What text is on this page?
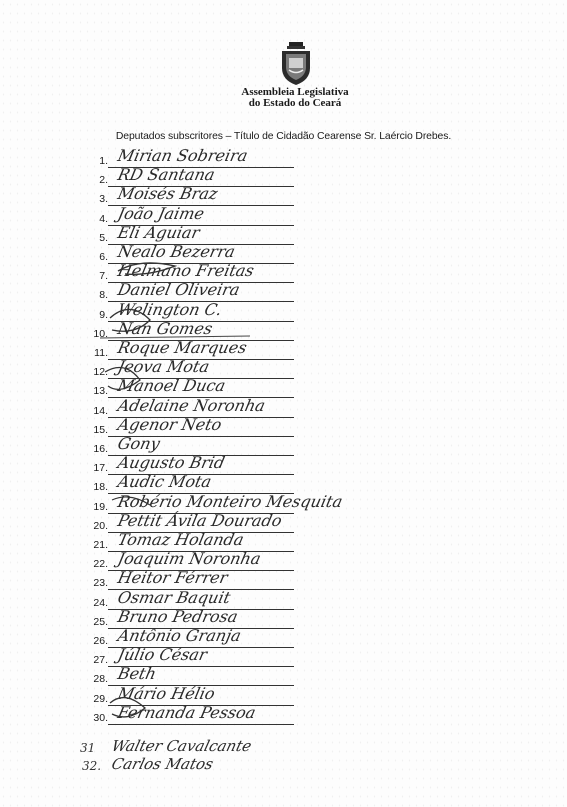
Assembleia Legislativa
do Estado do Ceará
Deputados subscritores – Título de Cidadão Cearense Sr. Laércio Drebes.
1. Mirian Sobreira
2. RD Santana
3. Moisés Braz
4. João Jaime
5. Eli Aguiar
6. Nealo Bezerra
7. Helmano Freitas
8. Daniel Oliveira
9. Welington C.
10. Nan Gomes
11. Roque Marques
12. Jeova Mota
13. Manoel Duca
14. Adelaine Noronha
15. Agenor Neto
16. Gony
17. Augusto Brid
18. Audic Mota
19. Robério Monteiro Mesquita
20. Pettit Ávila Dourado
21. Tomaz Holanda
22. Joaquim Noronha
23. Heitor Férrer
24. Osmar Baquit
25. Bruno Pedrosa
26. Antônio Granja
27. Júlio César
28. Beth
29. Mário Hélio
30. Fernanda Pessoa
31 Walter Cavalcante
32. Carlos Matos
